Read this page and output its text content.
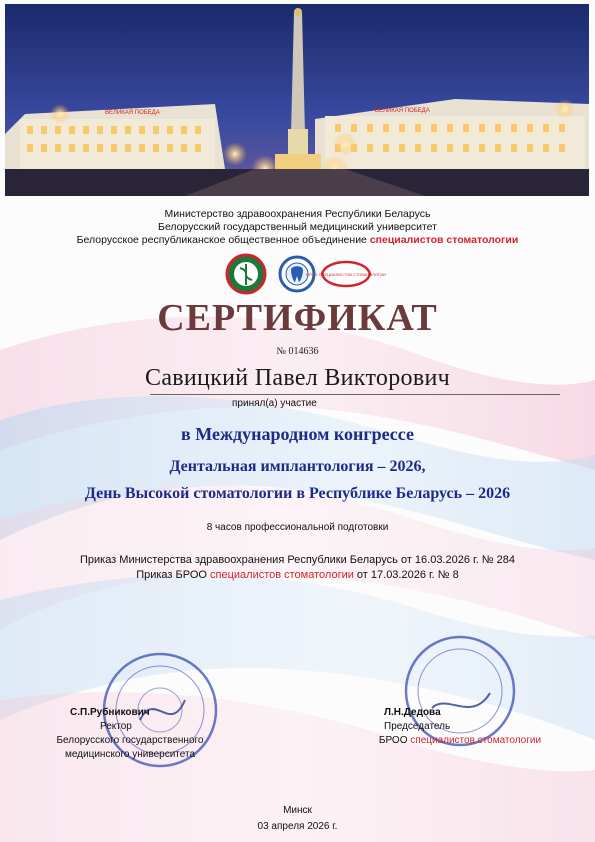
ВЕЛИКАЯ ПОБЕДА	ВЕЛИКАЯ ПОБЕДА
Министерство здравоохранения Республики Беларусь
Белорусский государственный медицинский университет
Белорусское республиканское общественное объединение специалистов стоматологии
БРОО СПЕЦИАЛИСТОВ СТОМАТОЛОГИИ
СЕРТИФИКАТ
№ 014636
Савицкий Павел Викторович
принял(а) участие
в Международном конгрессе
Дентальная имплантология – 2026,
День Высокой стоматологии в Республике Беларусь – 2026
8 часов профессиональной подготовки
Приказ Министерства здравоохранения Республики Беларусь от 16.03.2026 г. № 284
Приказ БРОО специалистов стоматологии от 17.03.2026 г. № 8
С.П.Рубникович
Ректор
Белорусского государственного
медицинского университета
Л.Н.Дедова
Председатель
БРОО специалистов стоматологии
Минск
03 апреля 2026 г.
